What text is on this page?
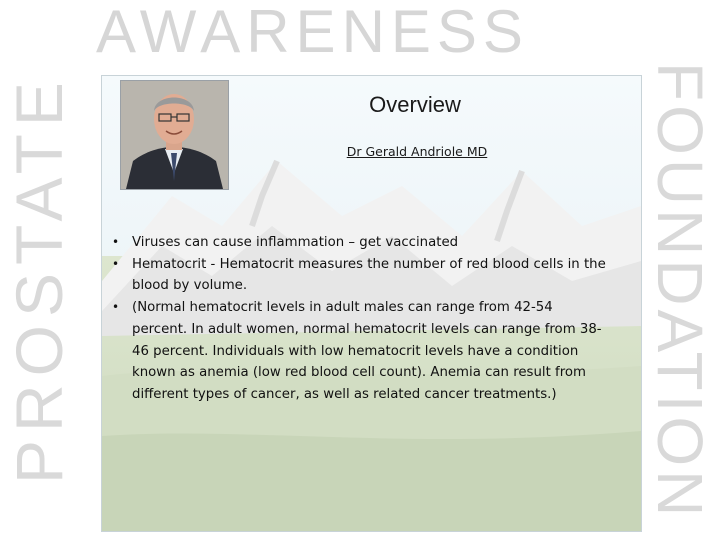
AWARENESS
PROSTATE	FOUNDATION
Overview
Dr Gerald Andriole MD
• Viruses can cause inflammation – get vaccinated
• Hematocrit - Hematocrit measures the number of red blood cells in the blood by volume.
• (Normal hematocrit levels in adult males can range from 42-54 percent. In adult women, normal hematocrit levels can range from 38-46 percent. Individuals with low hematocrit levels have a condition known as anemia (low red blood cell count). Anemia can result from different types of cancer, as well as related cancer treatments.)
